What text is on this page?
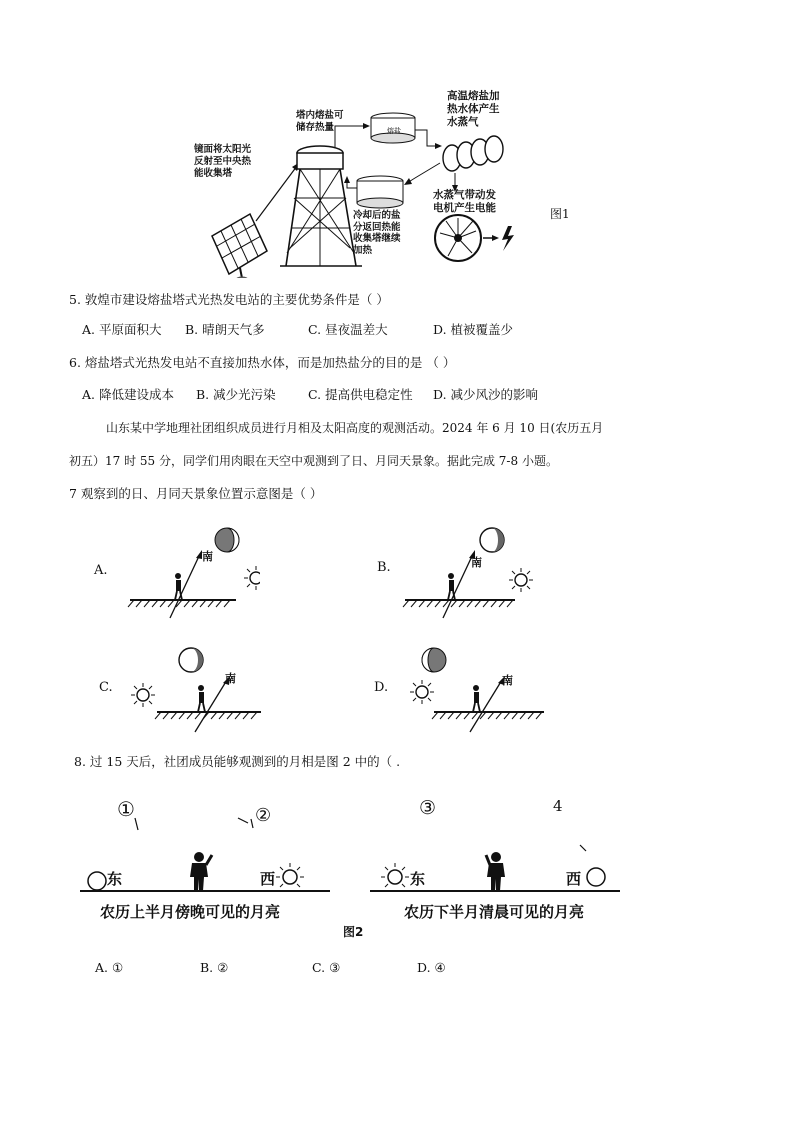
熔盐
镜面将太阳光
反射至中央热
能收集塔
塔内熔盐可
储存热量
高温熔盐加
热水体产生
水蒸气
冷却后的盐
分返回热能
收集塔继续
加热
水蒸气带动发
电机产生电能	图1
5. 敦煌市建设熔盐塔式光热发电站的主要优势条件是（ ）
A. 平原面积大 B. 晴朗天气多	C. 昼夜温差大	D. 植被覆盖少
6. 熔盐塔式光热发电站不直接加热水体，而是加热盐分的目的是 （ ）
A. 降低建设成本 B. 减少光污染	C. 提高供电稳定性 D. 减少风沙的影响
山东某中学地理社团组织成员进行月相及太阳高度的观测活动。2024 年 6 月 10 日(农历五月
初五）17 时 55 分，同学们用肉眼在天空中观测到了日、月同天景象。据此完成 7-8 小题。
7 观察到的日、月同天景象位置示意图是（ ）
A.
南
B.	南
C.
南
D.	南
8. 过 15 天后，社团成员能够观测到的月相是图 2 中的（ .
①	②
东	西
农历上半月傍晚可见的月亮
③	4
东	西
农历下半月清晨可见的月亮
图2
A. ①	B. ②	C. ③	D. ④
